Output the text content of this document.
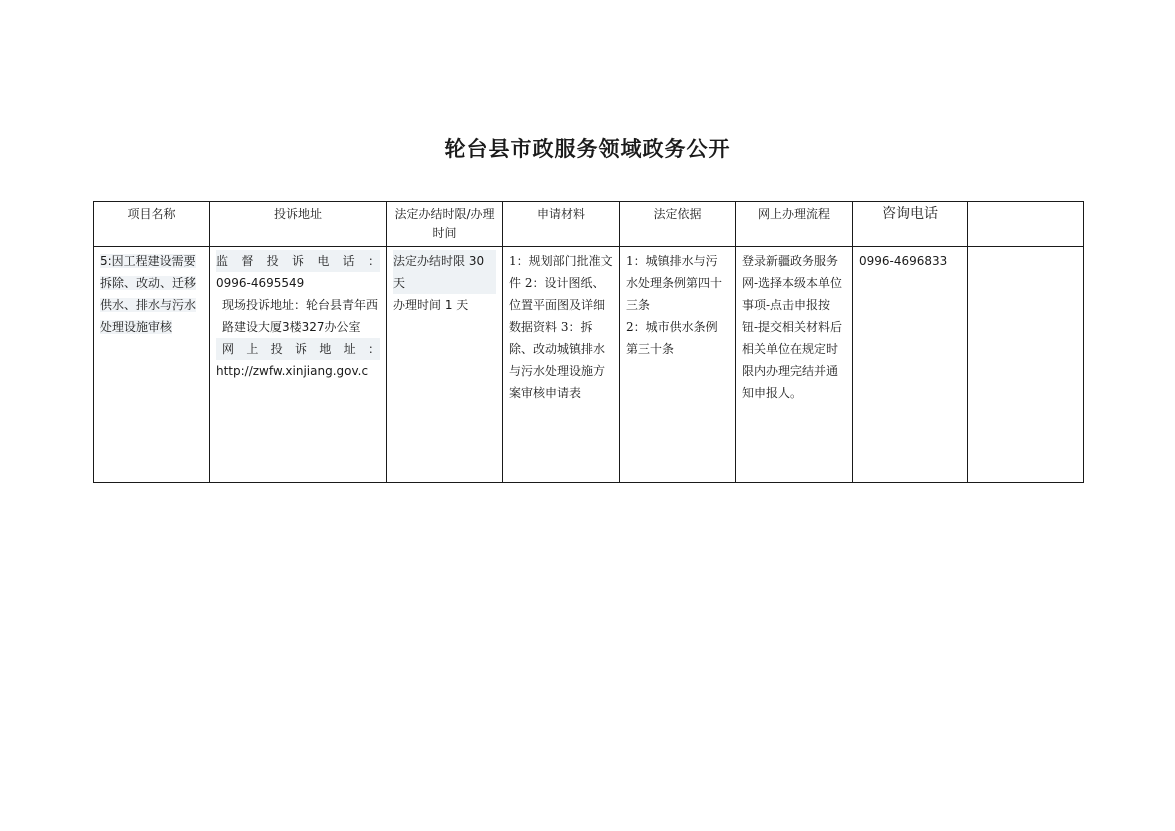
轮台县市政服务领域政务公开
项目名称	投诉地址	法定办结时限/办理时间	申请材料	法定依据	网上办理流程	咨询电话	
5:因工程建设需要拆除、改动、迁移供水、排水与污水处理设施审核	监督投诉电话：
0996-4695549
现场投诉地址：轮台县青年西路建设大厦3楼327办公室
网上投诉地址：
http://zwfw.xinjiang.gov.c	法定办结时限 30 天
办理时间 1 天	1：规划部门批准文件 2：设计图纸、位置平面图及详细数据资料 3：拆除、改动城镇排水与污水处理设施方案审核申请表	1：城镇排水与污水处理条例第四十三条
2：城市供水条例第三十条	登录新疆政务服务网-选择本级本单位事项-点击申报按钮-提交相关材料后相关单位在规定时限内办理完结并通知申报人。	0996-4696833	
